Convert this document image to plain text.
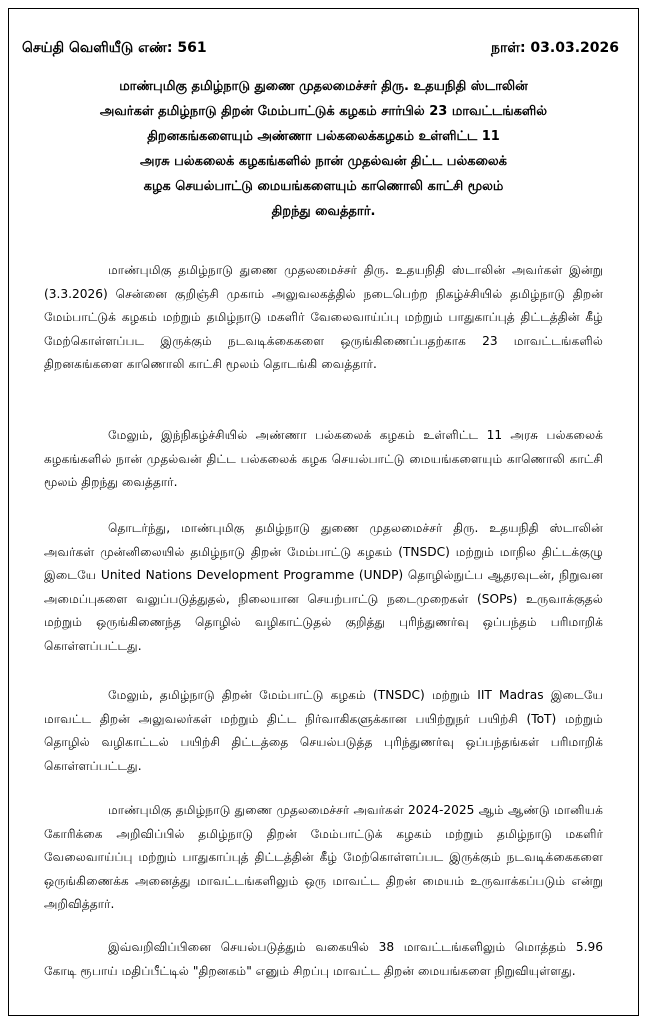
செய்தி வெளியீடு எண்: 561	நாள்: 03.03.2026
மாண்புமிகு தமிழ்நாடு துணை முதலமைச்சர் திரு. உதயநிதி ஸ்டாலின்
அவர்கள் தமிழ்நாடு திறன் மேம்பாட்டுக் கழகம் சார்பில் 23 மாவட்டங்களில்
திறனகங்களையும் அண்ணா பல்கலைக்கழகம் உள்ளிட்ட 11
அரசு பல்கலைக் கழகங்களில் நான் முதல்வன் திட்ட பல்கலைக்
கழக செயல்பாட்டு மையங்களையும் காணொலி காட்சி மூலம்
திறந்து வைத்தார்.

மாண்புமிகு தமிழ்நாடு துணை முதலமைச்சர் திரு. உதயநிதி ஸ்டாலின் அவர்கள் இன்று (3.3.2026) சென்னை குறிஞ்சி முகாம் அலுவலகத்தில் நடைபெற்ற நிகழ்ச்சியில் தமிழ்நாடு திறன் மேம்பாட்டுக் கழகம் மற்றும் தமிழ்நாடு மகளிர் வேலைவாய்ப்பு மற்றும் பாதுகாப்புத் திட்டத்தின் கீழ் மேற்கொள்ளப்பட இருக்கும் நடவடிக்கைகளை ஒருங்கிணைப்பதற்காக 23 மாவட்டங்களில் திறனகங்களை காணொலி காட்சி மூலம் தொடங்கி வைத்தார்.

மேலும், இந்நிகழ்ச்சியில் அண்ணா பல்கலைக் கழகம் உள்ளிட்ட 11 அரசு பல்கலைக் கழகங்களில் நான் முதல்வன் திட்ட பல்கலைக் கழக செயல்பாட்டு மையங்களையும் காணொலி காட்சி மூலம் திறந்து வைத்தார்.

தொடர்ந்து, மாண்புமிகு தமிழ்நாடு துணை முதலமைச்சர் திரு. உதயநிதி ஸ்டாலின் அவர்கள் முன்னிலையில் தமிழ்நாடு திறன் மேம்பாட்டு கழகம் (TNSDC) மற்றும் மாநில திட்டக்குழு இடையே United Nations Development Programme (UNDP) தொழில்நுட்ப ஆதரவுடன், நிறுவன அமைப்புகளை வலுப்படுத்துதல், நிலையான செயற்பாட்டு நடைமுறைகள் (SOPs) உருவாக்குதல் மற்றும் ஒருங்கிணைந்த தொழில் வழிகாட்டுதல் குறித்து புரிந்துணர்வு ஒப்பந்தம் பரிமாறிக் கொள்ளப்பட்டது.

மேலும், தமிழ்நாடு திறன் மேம்பாட்டு கழகம் (TNSDC) மற்றும் IIT Madras இடையே மாவட்ட திறன் அலுவலர்கள் மற்றும் திட்ட நிர்வாகிகளுக்கான பயிற்றுநர் பயிற்சி (ToT) மற்றும் தொழில் வழிகாட்டல் பயிற்சி திட்டத்தை செயல்படுத்த புரிந்துணர்வு ஒப்பந்தங்கள் பரிமாறிக் கொள்ளப்பட்டது.

மாண்புமிகு தமிழ்நாடு துணை முதலமைச்சர் அவர்கள் 2024-2025 ஆம் ஆண்டு மானியக் கோரிக்கை அறிவிப்பில் தமிழ்நாடு திறன் மேம்பாட்டுக் கழகம் மற்றும் தமிழ்நாடு மகளிர் வேலைவாய்ப்பு மற்றும் பாதுகாப்புத் திட்டத்தின் கீழ் மேற்கொள்ளப்பட இருக்கும் நடவடிக்கைகளை ஒருங்கிணைக்க அனைத்து மாவட்டங்களிலும் ஒரு மாவட்ட திறன் மையம் உருவாக்கப்படும் என்று அறிவித்தார்.

இவ்வறிவிப்பினை செயல்படுத்தும் வகையில் 38 மாவட்டங்களிலும் மொத்தம் 5.96 கோடி ரூபாய் மதிப்பீட்டில் "திறனகம்" எனும் சிறப்பு மாவட்ட திறன் மையங்களை நிறுவியுள்ளது.
